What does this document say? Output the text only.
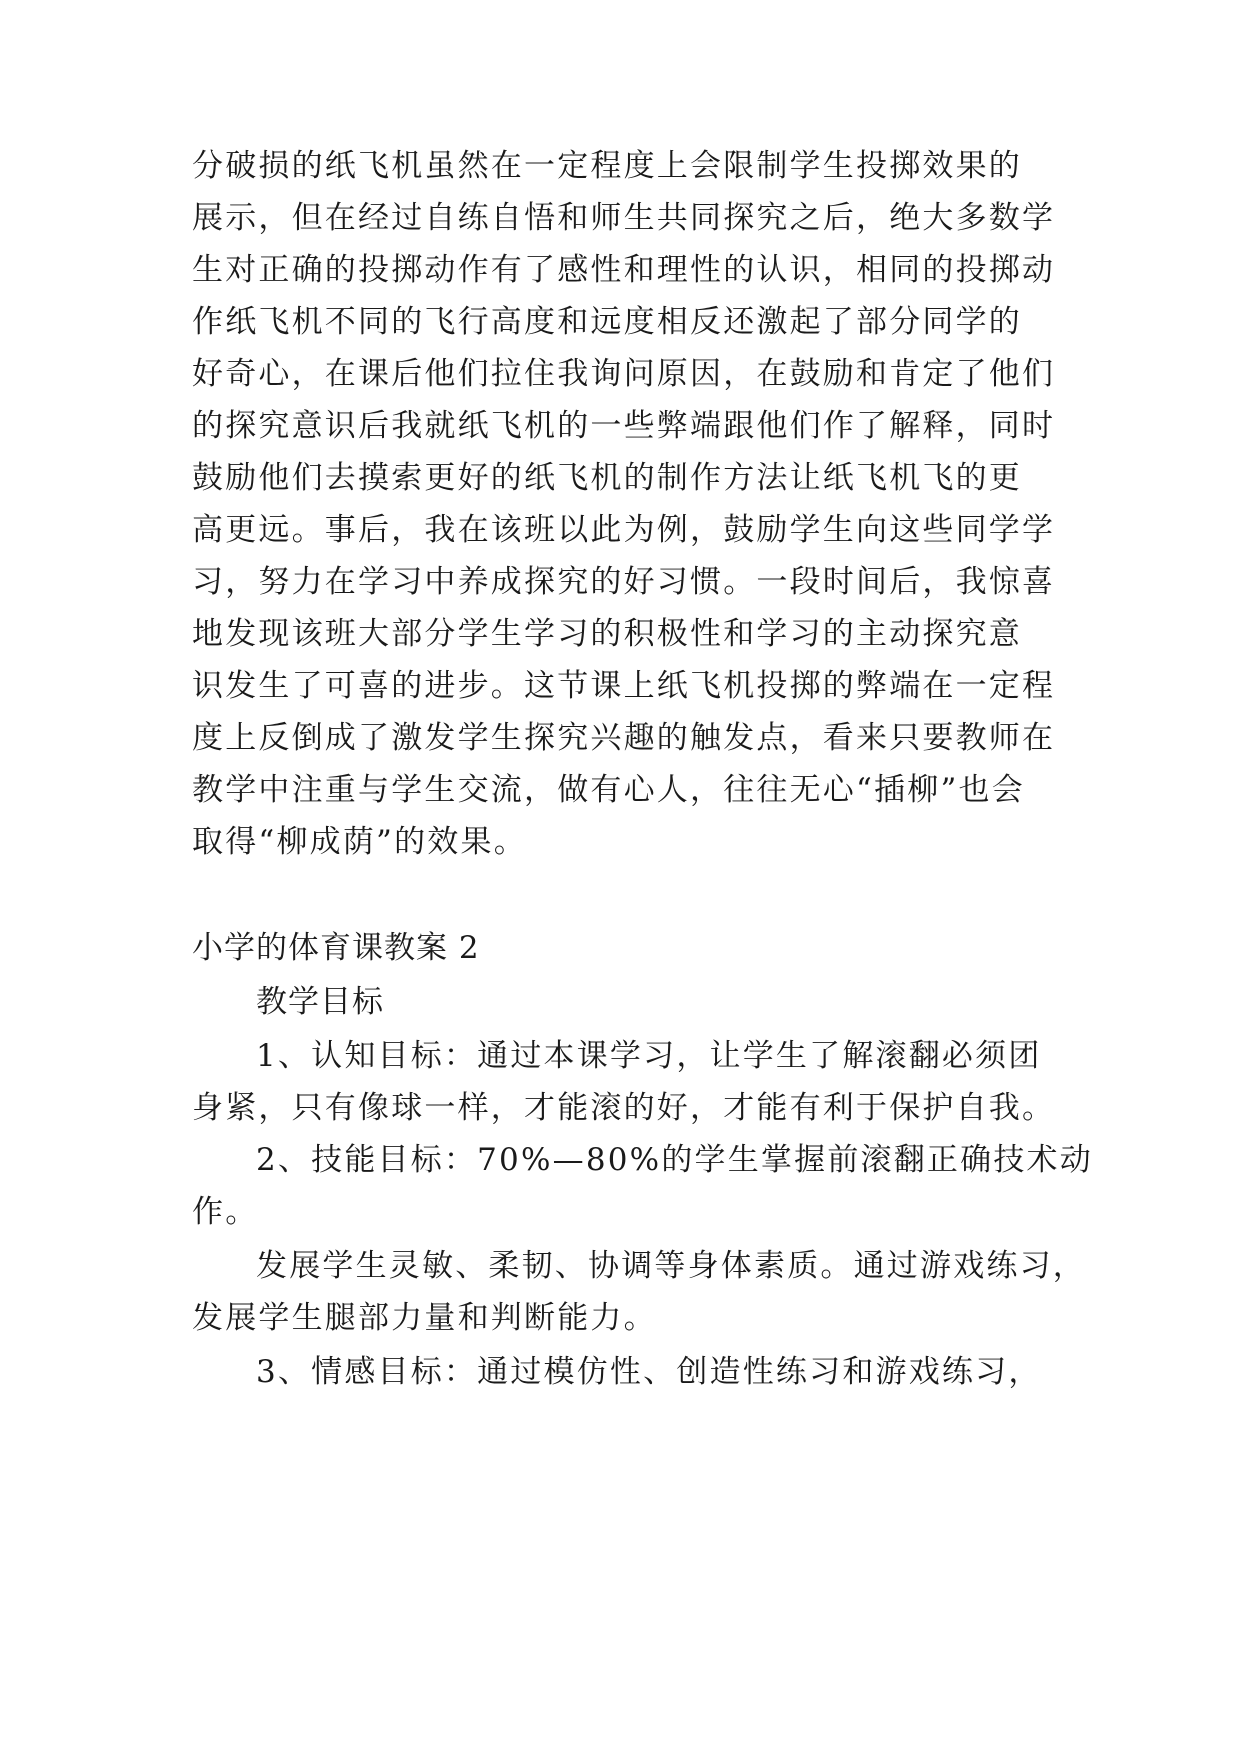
分破损的纸飞机虽然在一定程度上会限制学生投掷效果的
展示，但在经过自练自悟和师生共同探究之后，绝大多数学
生对正确的投掷动作有了感性和理性的认识，相同的投掷动
作纸飞机不同的飞行高度和远度相反还激起了部分同学的
好奇心，在课后他们拉住我询问原因，在鼓励和肯定了他们
的探究意识后我就纸飞机的一些弊端跟他们作了解释，同时
鼓励他们去摸索更好的纸飞机的制作方法让纸飞机飞的更
高更远。事后，我在该班以此为例，鼓励学生向这些同学学
习，努力在学习中养成探究的好习惯。一段时间后，我惊喜
地发现该班大部分学生学习的积极性和学习的主动探究意
识发生了可喜的进步。这节课上纸飞机投掷的弊端在一定程
度上反倒成了激发学生探究兴趣的触发点，看来只要教师在
教学中注重与学生交流，做有心人，往往无心“插柳”也会
取得“柳成荫”的效果。
小学的体育课教案 2
教学目标
1、认知目标：通过本课学习，让学生了解滚翻必须团
身紧，只有像球一样，才能滚的好，才能有利于保护自我。
2、技能目标：70%—80%的学生掌握前滚翻正确技术动
作。
发展学生灵敏、柔韧、协调等身体素质。通过游戏练习，
发展学生腿部力量和判断能力。
3、情感目标：通过模仿性、创造性练习和游戏练习，
